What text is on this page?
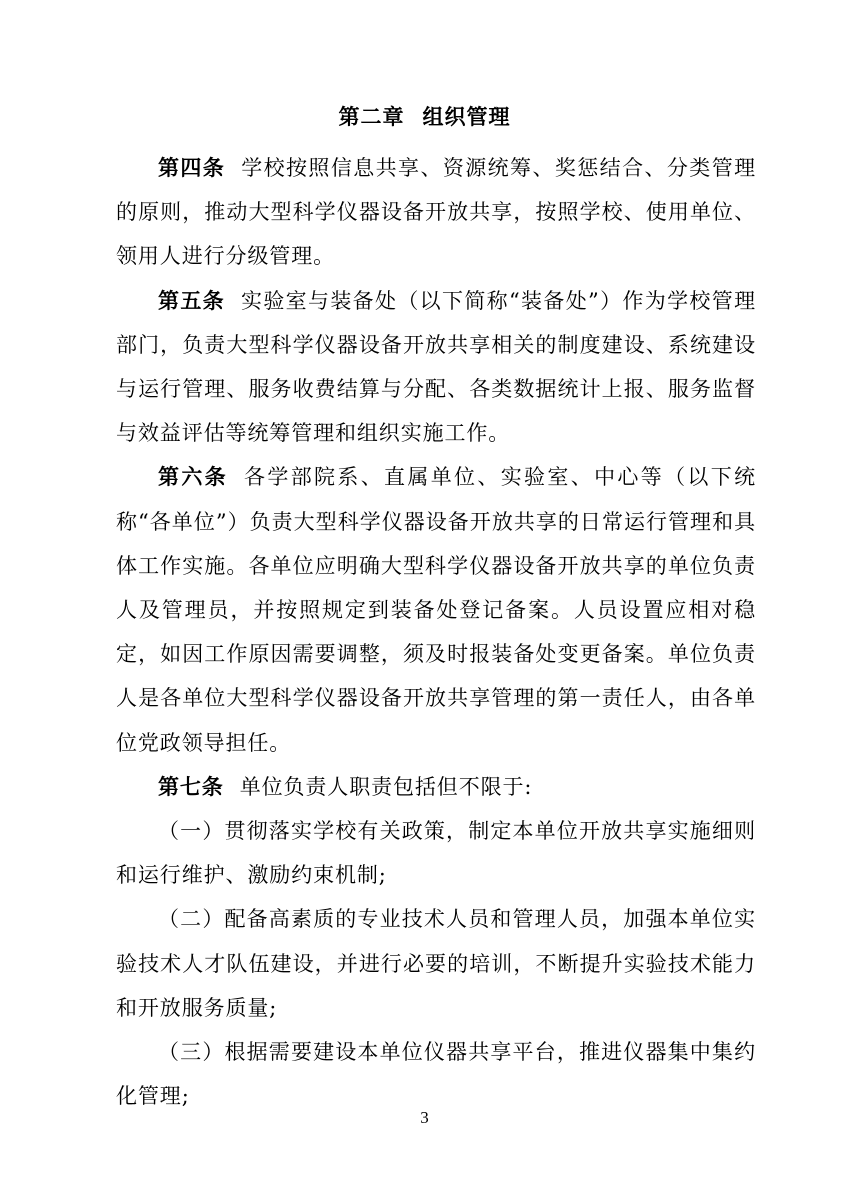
第二章 组织管理

第四条 学校按照信息共享、资源统筹、奖惩结合、分类管理的原则，推动大型科学仪器设备开放共享，按照学校、使用单位、领用人进行分级管理。

第五条 实验室与装备处（以下简称“装备处”）作为学校管理部门，负责大型科学仪器设备开放共享相关的制度建设、系统建设与运行管理、服务收费结算与分配、各类数据统计上报、服务监督与效益评估等统筹管理和组织实施工作。

第六条 各学部院系、直属单位、实验室、中心等（以下统称“各单位”）负责大型科学仪器设备开放共享的日常运行管理和具体工作实施。各单位应明确大型科学仪器设备开放共享的单位负责人及管理员，并按照规定到装备处登记备案。人员设置应相对稳定，如因工作原因需要调整，须及时报装备处变更备案。单位负责人是各单位大型科学仪器设备开放共享管理的第一责任人，由各单位党政领导担任。

第七条 单位负责人职责包括但不限于:

（一）贯彻落实学校有关政策，制定本单位开放共享实施细则和运行维护、激励约束机制;

（二）配备高素质的专业技术人员和管理人员，加强本单位实验技术人才队伍建设，并进行必要的培训，不断提升实验技术能力和开放服务质量;

（三）根据需要建设本单位仪器共享平台，推进仪器集中集约化管理;

3
